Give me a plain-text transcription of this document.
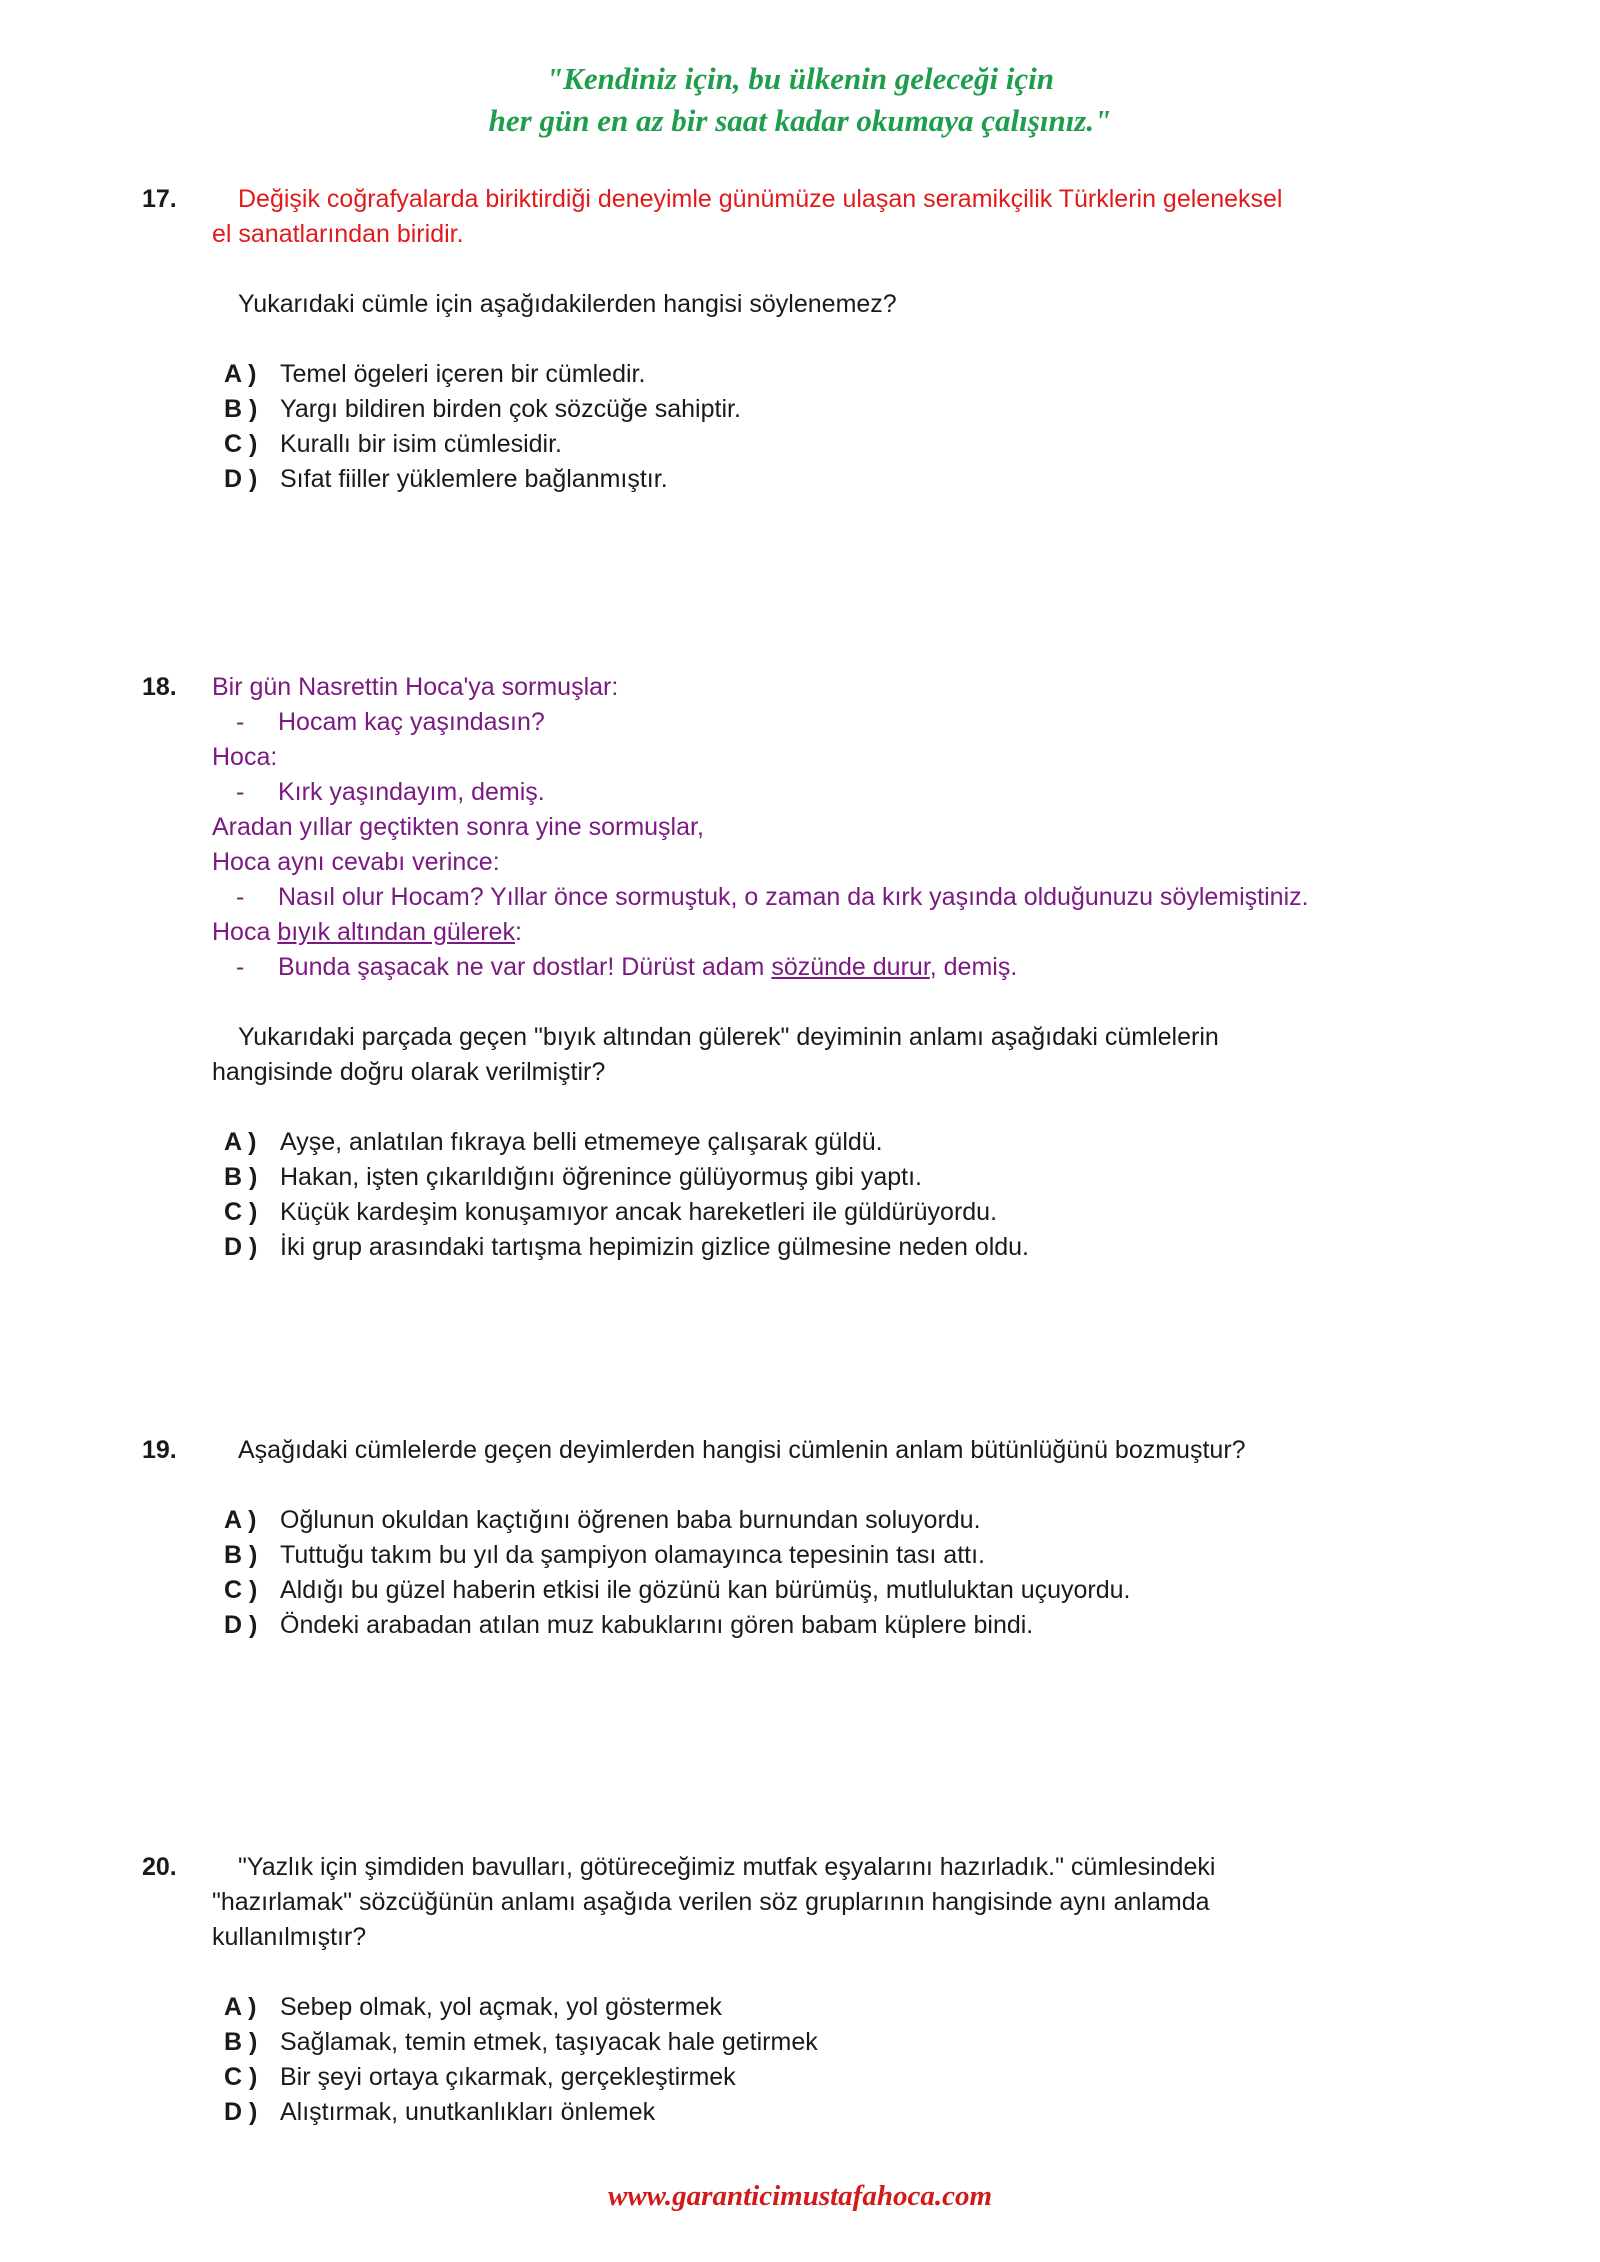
"Kendiniz için, bu ülkenin geleceği için
her gün en az bir saat kadar okumaya çalışınız."
17.	Değişik coğrafyalarda biriktirdiği deneyimle günümüze ulaşan seramikçilik Türklerin geleneksel
el sanatlarından biridir.
Yukarıdaki cümle için aşağıdakilerden hangisi söylenemez?
A ) Temel ögeleri içeren bir cümledir.
B ) Yargı bildiren birden çok sözcüğe sahiptir.
C ) Kurallı bir isim cümlesidir.
D ) Sıfat fiiller yüklemlere bağlanmıştır.
18. Bir gün Nasrettin Hoca'ya sormuşlar:
- Hocam kaç yaşındasın?
Hoca:
- Kırk yaşındayım, demiş.
Aradan yıllar geçtikten sonra yine sormuşlar,
Hoca aynı cevabı verince:
- Nasıl olur Hocam? Yıllar önce sormuştuk, o zaman da kırk yaşında olduğunuzu söylemiştiniz.
Hoca bıyık altından gülerek:
- Bunda şaşacak ne var dostlar! Dürüst adam sözünde durur, demiş.
Yukarıdaki parçada geçen "bıyık altından gülerek" deyiminin anlamı aşağıdaki cümlelerin
hangisinde doğru olarak verilmiştir?
A ) Ayşe, anlatılan fıkraya belli etmemeye çalışarak güldü.
B ) Hakan, işten çıkarıldığını öğrenince gülüyormuş gibi yaptı.
C ) Küçük kardeşim konuşamıyor ancak hareketleri ile güldürüyordu.
D ) İki grup arasındaki tartışma hepimizin gizlice gülmesine neden oldu.
19.	Aşağıdaki cümlelerde geçen deyimlerden hangisi cümlenin anlam bütünlüğünü bozmuştur?
A ) Oğlunun okuldan kaçtığını öğrenen baba burnundan soluyordu.
B ) Tuttuğu takım bu yıl da şampiyon olamayınca tepesinin tası attı.
C ) Aldığı bu güzel haberin etkisi ile gözünü kan bürümüş, mutluluktan uçuyordu.
D ) Öndeki arabadan atılan muz kabuklarını gören babam küplere bindi.
20.	"Yazlık için şimdiden bavulları, götüreceğimiz mutfak eşyalarını hazırladık." cümlesindeki
"hazırlamak" sözcüğünün anlamı aşağıda verilen söz gruplarının hangisinde aynı anlamda
kullanılmıştır?
A ) Sebep olmak, yol açmak, yol göstermek
B ) Sağlamak, temin etmek, taşıyacak hale getirmek
C ) Bir şeyi ortaya çıkarmak, gerçekleştirmek
D ) Alıştırmak, unutkanlıkları önlemek
www.garanticimustafahoca.com
